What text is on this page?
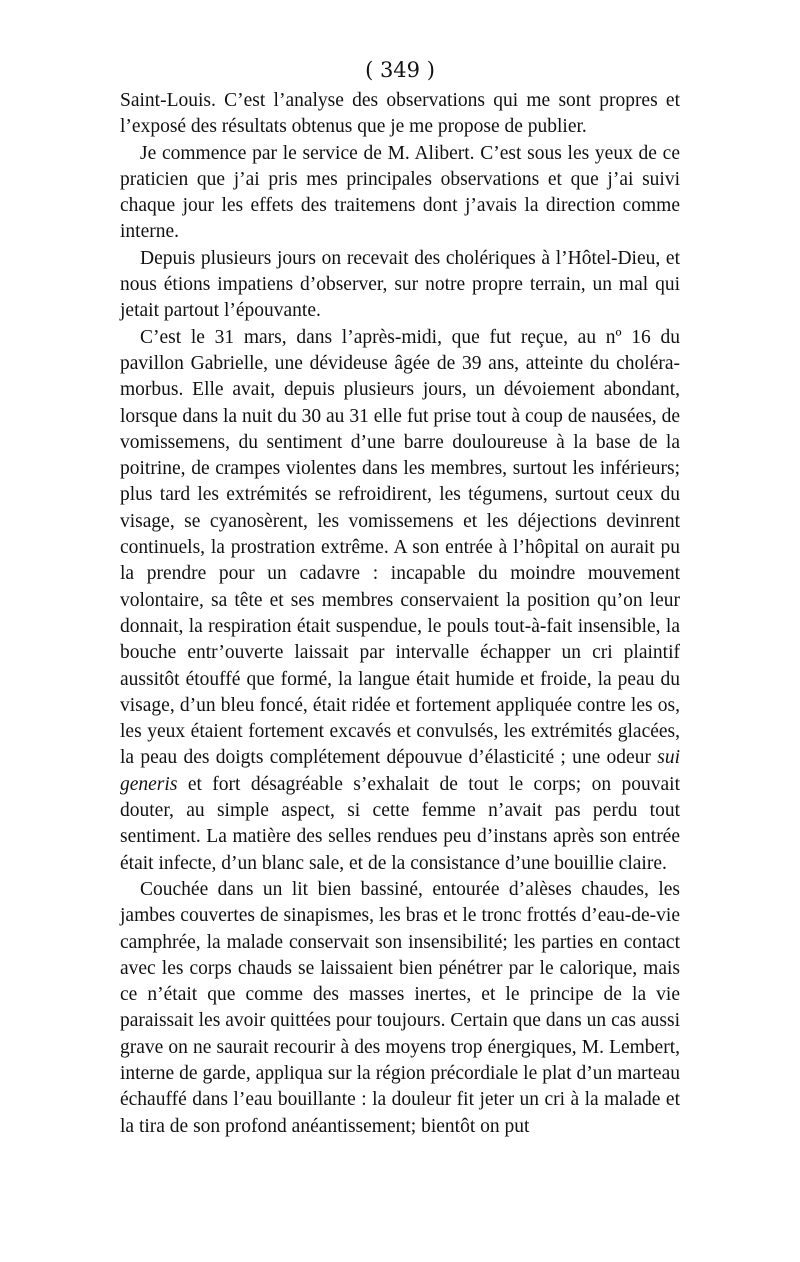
( 349 )

Saint-Louis. C’est l’analyse des observations qui me sont propres et l’exposé des résultats obtenus que je me propose de publier.

Je commence par le service de M. Alibert. C’est sous les yeux de ce praticien que j’ai pris mes principales observations et que j’ai suivi chaque jour les effets des traitemens dont j’avais la direction comme interne.

Depuis plusieurs jours on recevait des cholériques à l’Hôtel-Dieu, et nous étions impatiens d’observer, sur notre propre terrain, un mal qui jetait partout l’épouvante.

C’est le 31 mars, dans l’après-midi, que fut reçue, au nº 16 du pavillon Gabrielle, une dévideuse âgée de 39 ans, atteinte du choléra-morbus. Elle avait, depuis plusieurs jours, un dévoiement abondant, lorsque dans la nuit du 30 au 31 elle fut prise tout à coup de nausées, de vomissemens, du sentiment d’une barre douloureuse à la base de la poitrine, de crampes violentes dans les membres, surtout les inférieurs; plus tard les extrémités se refroidirent, les tégumens, surtout ceux du visage, se cyanosèrent, les vomissemens et les déjections devinrent continuels, la prostration extrême. A son entrée à l’hôpital on aurait pu la prendre pour un cadavre : incapable du moindre mouvement volontaire, sa tête et ses membres conservaient la position qu’on leur donnait, la respiration était suspendue, le pouls tout-à-fait insensible, la bouche entr’ouverte laissait par intervalle échapper un cri plaintif aussitôt étouffé que formé, la langue était humide et froide, la peau du visage, d’un bleu foncé, était ridée et fortement appliquée contre les os, les yeux étaient fortement excavés et convulsés, les extrémités glacées, la peau des doigts complétement dépouvue d’élasticité ; une odeur sui generis et fort désagréable s’exhalait de tout le corps; on pouvait douter, au simple aspect, si cette femme n’avait pas perdu tout sentiment. La matière des selles rendues peu d’instans après son entrée était infecte, d’un blanc sale, et de la consistance d’une bouillie claire.

Couchée dans un lit bien bassiné, entourée d’alèses chaudes, les jambes couvertes de sinapismes, les bras et le tronc frottés d’eau-de-vie camphrée, la malade conservait son insensibilité; les parties en contact avec les corps chauds se laissaient bien pénétrer par le calorique, mais ce n’était que comme des masses inertes, et le principe de la vie paraissait les avoir quittées pour toujours. Certain que dans un cas aussi grave on ne saurait recourir à des moyens trop énergiques, M. Lembert, interne de garde, appliqua sur la région précordiale le plat d’un marteau échauffé dans l’eau bouillante : la douleur fit jeter un cri à la malade et la tira de son profond anéantissement; bientôt on put
